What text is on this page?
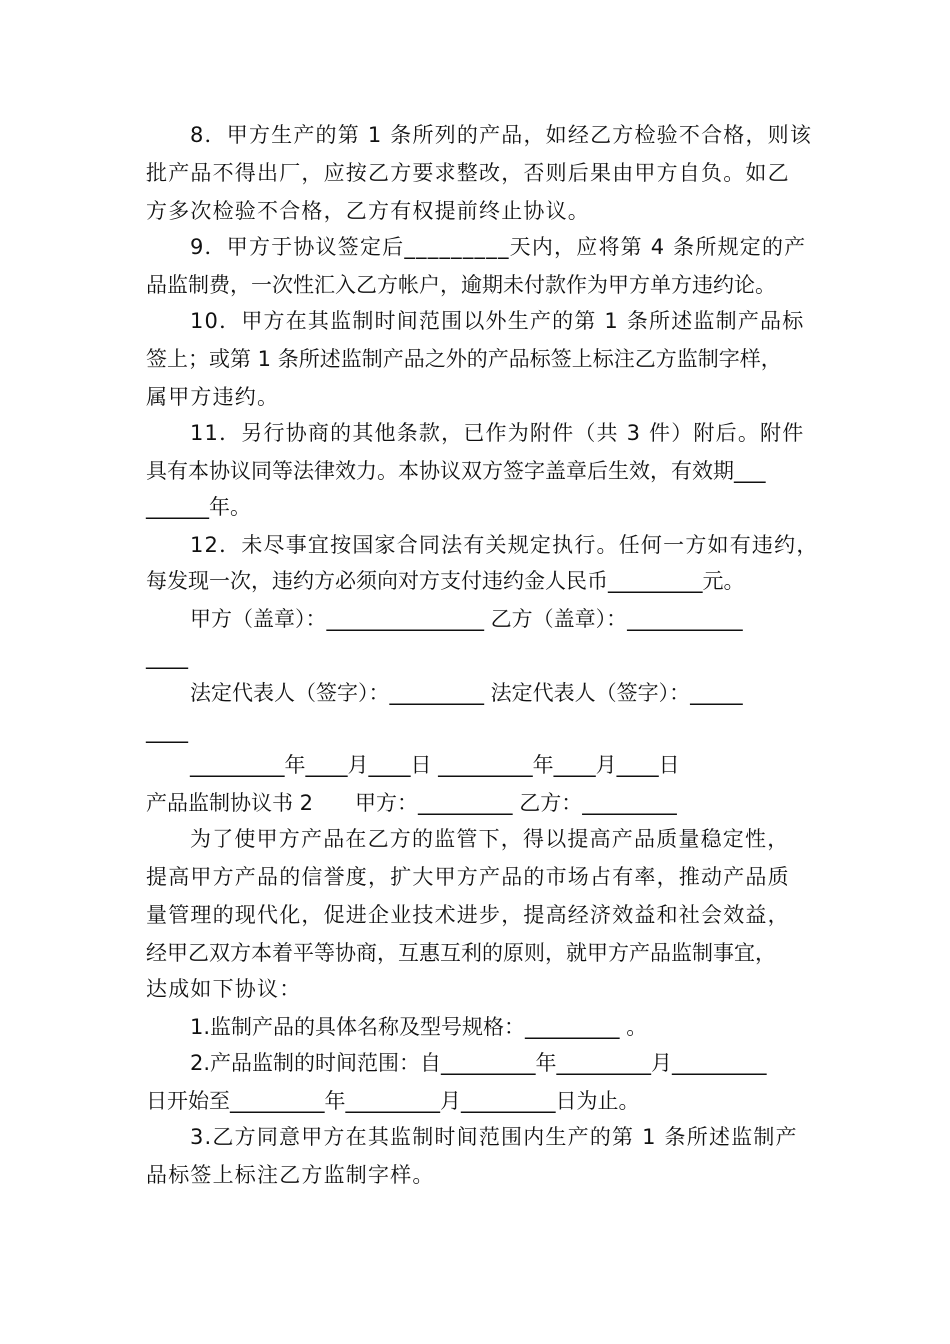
8．甲方生产的第 1 条所列的产品，如经乙方检验不合格，则该
批产品不得出厂，应按乙方要求整改，否则后果由甲方自负。如乙
方多次检验不合格，乙方有权提前终止协议。
9．甲方于协议签定后_________天内，应将第 4 条所规定的产
品监制费，一次性汇入乙方帐户，逾期未付款作为甲方单方违约论。
10．甲方在其监制时间范围以外生产的第 1 条所述监制产品标
签上；或第 1 条所述监制产品之外的产品标签上标注乙方监制字样，
属甲方违约。
11．另行协商的其他条款，已作为附件（共 3 件）附后。附件
具有本协议同等法律效力。本协议双方签字盖章后生效，有效期___
______年。
12．未尽事宜按国家合同法有关规定执行。任何一方如有违约，
每发现一次，违约方必须向对方支付违约金人民币_________元。
甲方（盖章）：_______________ 乙方（盖章）：___________
____
法定代表人（签字）：_________ 法定代表人（签字）：_____
____
_________年____月____日 _________年____月____日
产品监制协议书 2　　甲方：_________ 乙方：_________
为了使甲方产品在乙方的监管下，得以提高产品质量稳定性，
提高甲方产品的信誉度，扩大甲方产品的市场占有率，推动产品质
量管理的现代化，促进企业技术进步，提高经济效益和社会效益，
经甲乙双方本着平等协商，互惠互利的原则，就甲方产品监制事宜，
达成如下协议：
1.监制产品的具体名称及型号规格：_________ 。
2.产品监制的时间范围：自_________年_________月_________
日开始至_________年_________月_________日为止。
3.乙方同意甲方在其监制时间范围内生产的第 1 条所述监制产
品标签上标注乙方监制字样。
